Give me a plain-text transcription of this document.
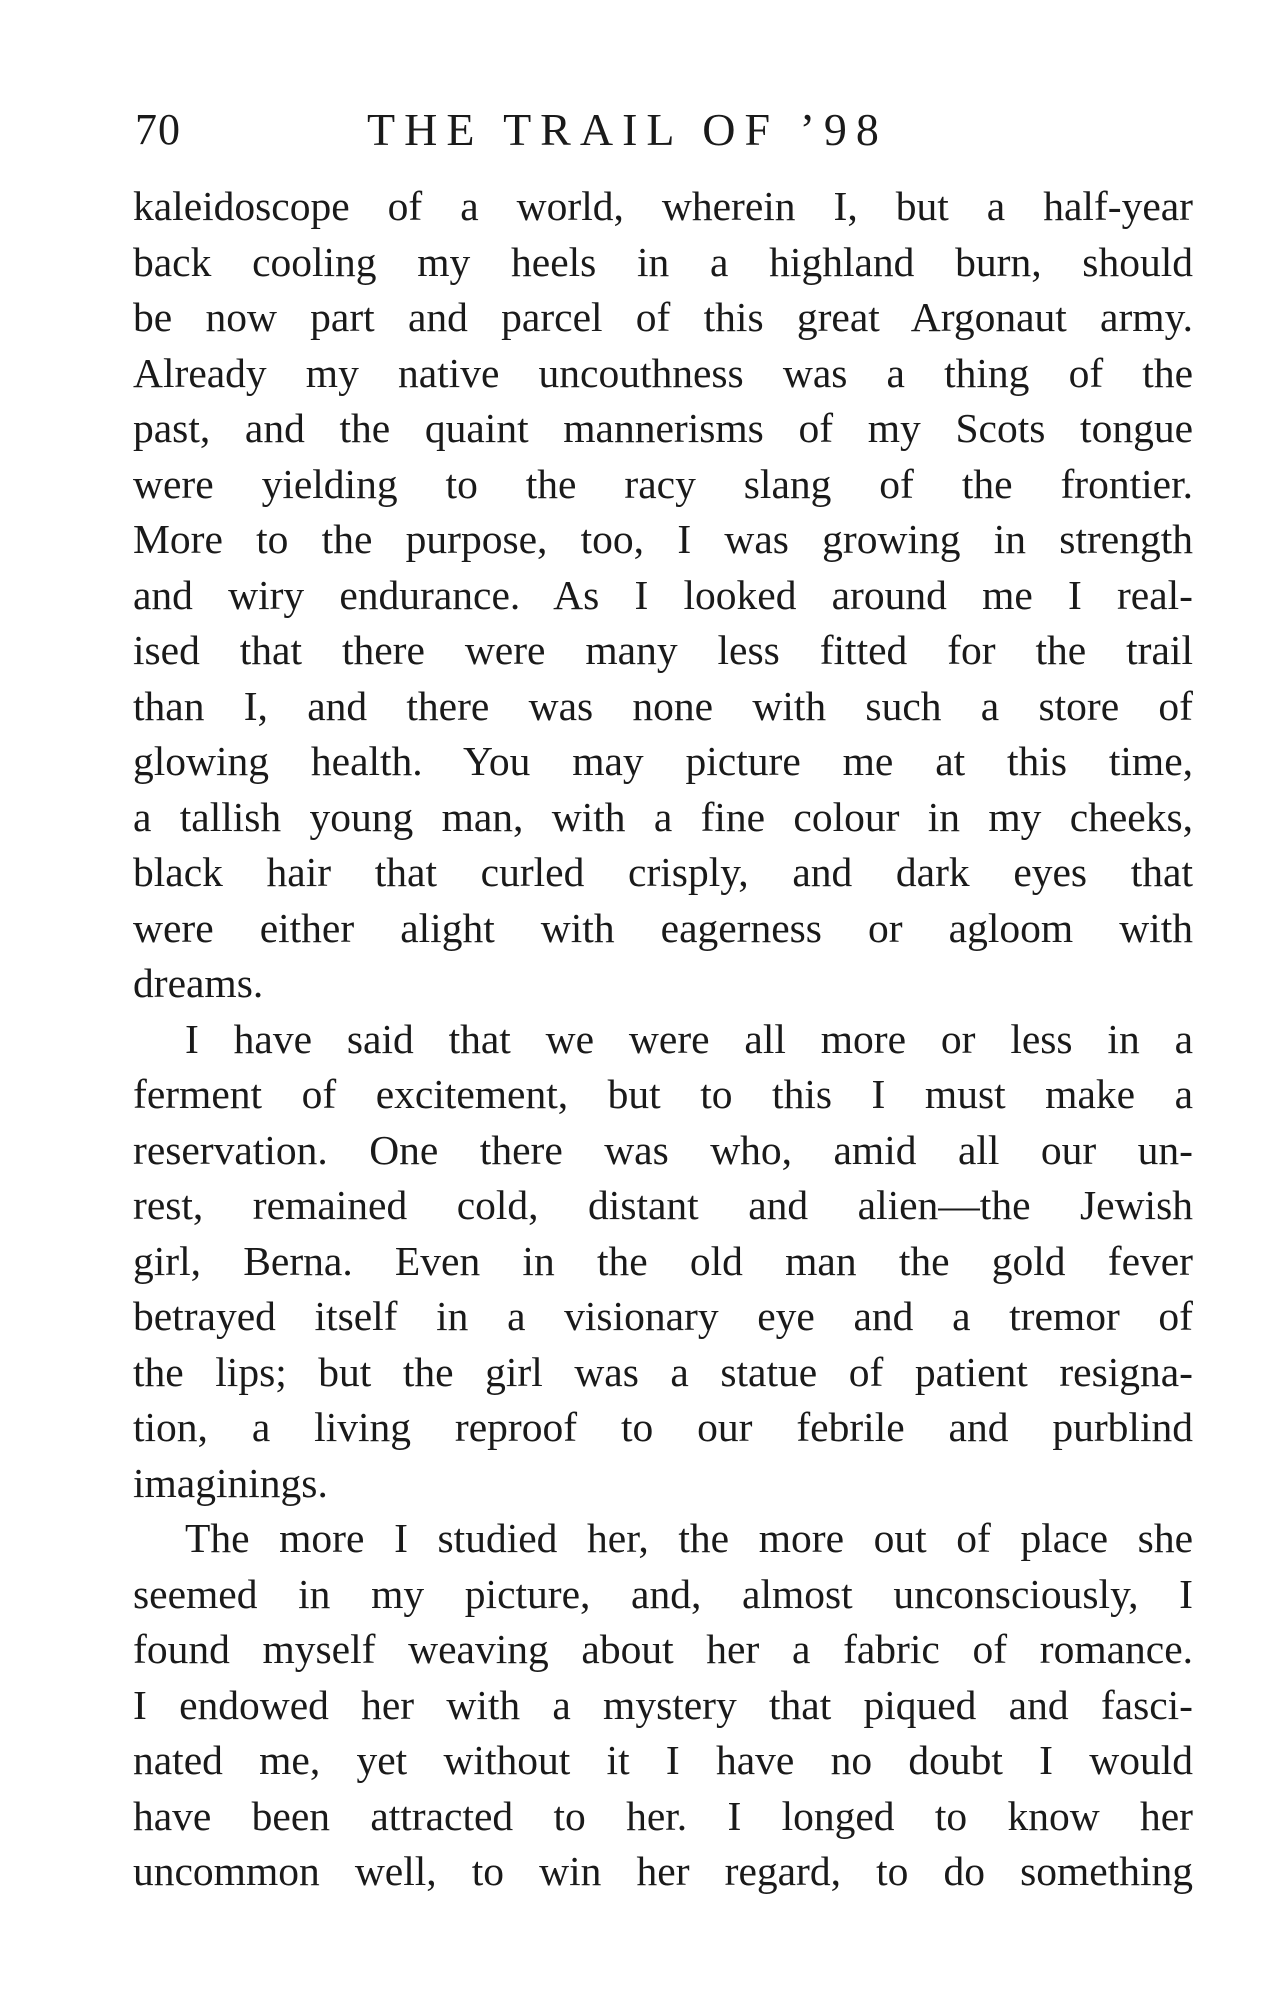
70	THE TRAIL OF ’98
kaleidoscope of a world, wherein I, but a half-year
back cooling my heels in a highland burn, should
be now part and parcel of this great Argonaut army.
Already my native uncouthness was a thing of the
past, and the quaint mannerisms of my Scots tongue
were yielding to the racy slang of the frontier.
More to the purpose, too, I was growing in strength
and wiry endurance. As I looked around me I real-
ised that there were many less fitted for the trail
than I, and there was none with such a store of
glowing health. You may picture me at this time,
a tallish young man, with a fine colour in my cheeks,
black hair that curled crisply, and dark eyes that
were either alight with eagerness or agloom with
dreams.
I have said that we were all more or less in a
ferment of excitement, but to this I must make a
reservation. One there was who, amid all our un-
rest, remained cold, distant and alien—the Jewish
girl, Berna. Even in the old man the gold fever
betrayed itself in a visionary eye and a tremor of
the lips; but the girl was a statue of patient resigna-
tion, a living reproof to our febrile and purblind
imaginings.
The more I studied her, the more out of place she
seemed in my picture, and, almost unconsciously, I
found myself weaving about her a fabric of romance.
I endowed her with a mystery that piqued and fasci-
nated me, yet without it I have no doubt I would
have been attracted to her. I longed to know her
uncommon well, to win her regard, to do something
